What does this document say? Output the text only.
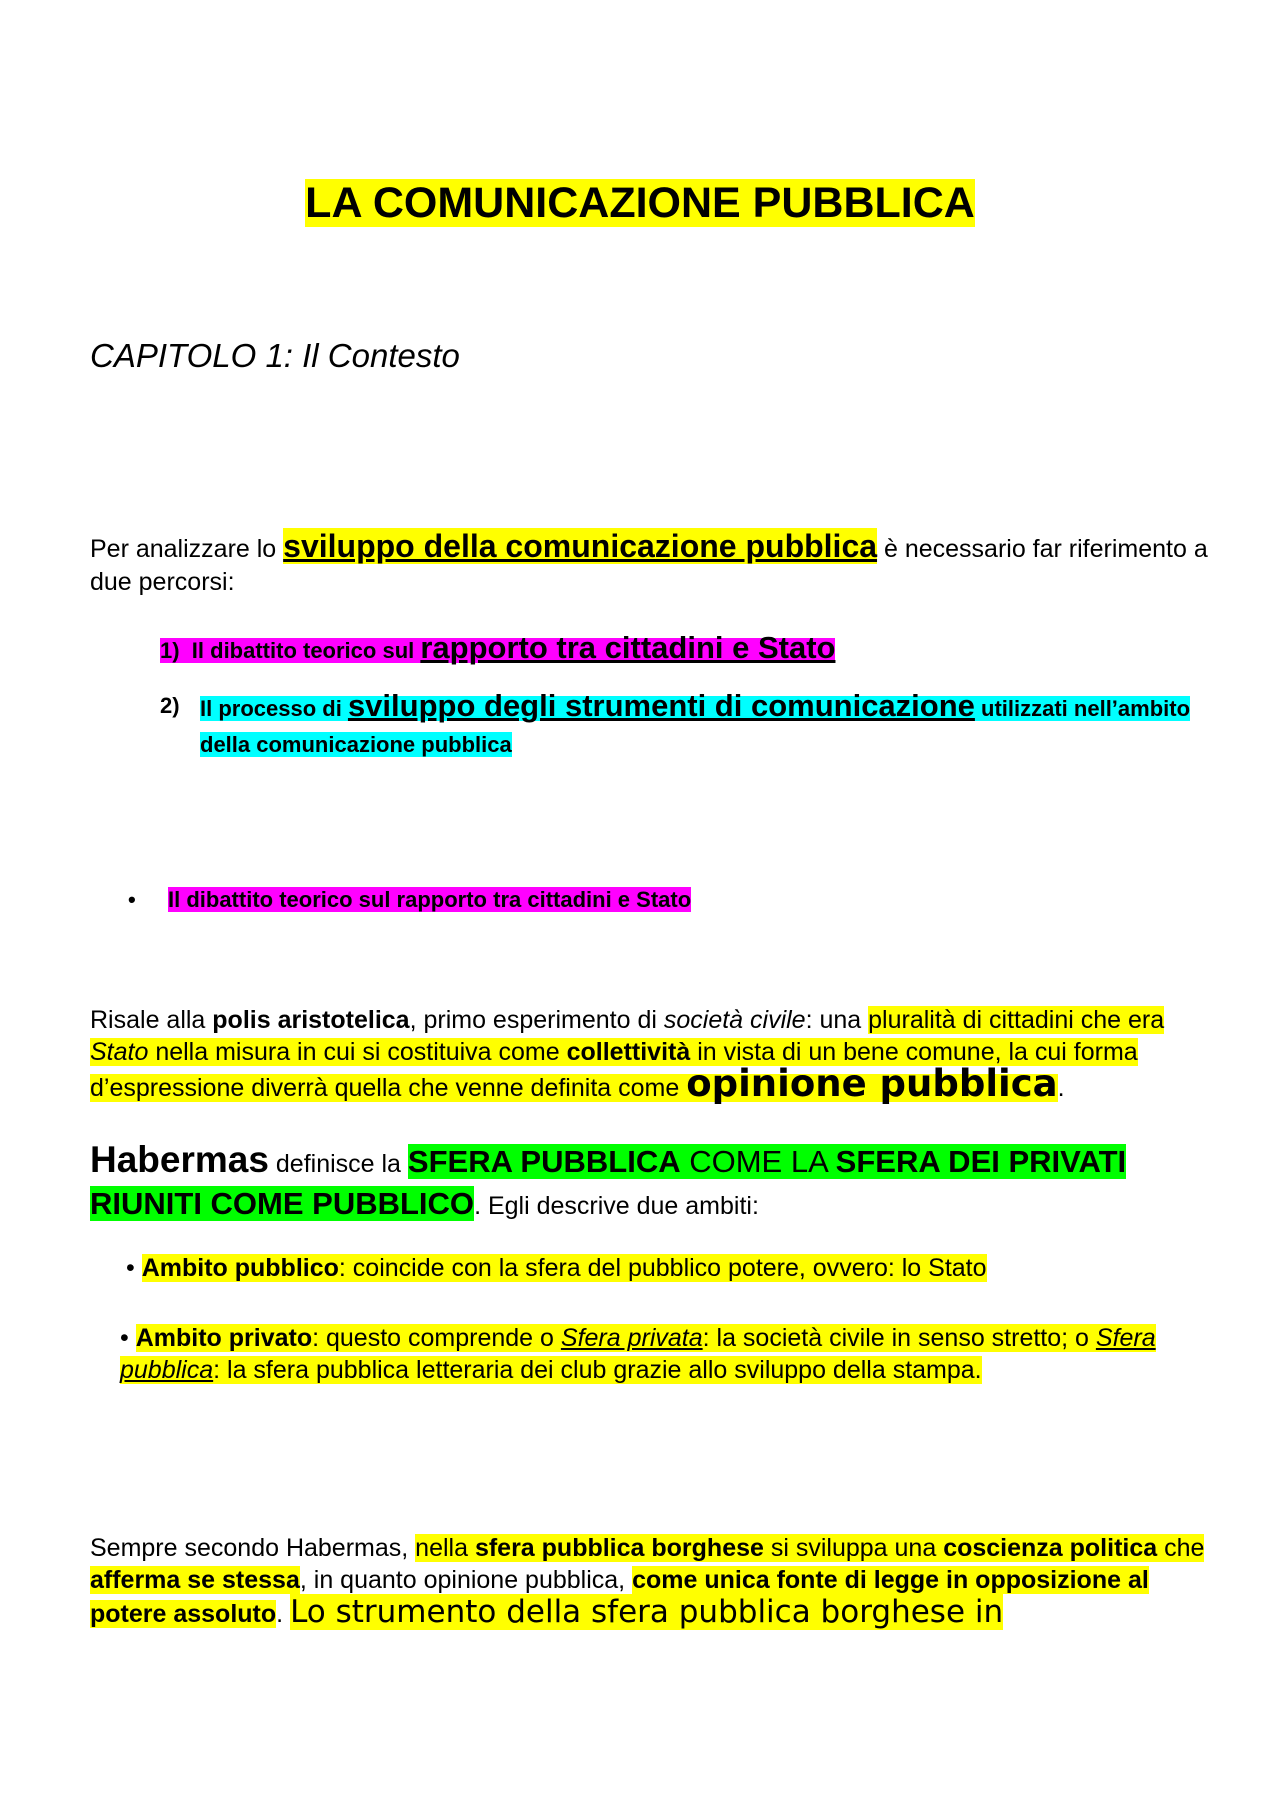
LA COMUNICAZIONE PUBBLICA
CAPITOLO 1: Il Contesto
Per analizzare lo sviluppo della comunicazione pubblica è necessario far riferimento a due percorsi:
1) Il dibattito teorico sul rapporto tra cittadini e Stato
2) Il processo di sviluppo degli strumenti di comunicazione utilizzati nell’ambito della comunicazione pubblica
• Il dibattito teorico sul rapporto tra cittadini e Stato
Risale alla polis aristotelica, primo esperimento di società civile: una pluralità di cittadini che era Stato nella misura in cui si costituiva come collettività in vista di un bene comune, la cui forma d’espressione diverrà quella che venne definita come opinione pubblica.
Habermas definisce la SFERA PUBBLICA COME LA SFERA DEI PRIVATI RIUNITI COME PUBBLICO. Egli descrive due ambiti:
• Ambito pubblico: coincide con la sfera del pubblico potere, ovvero: lo Stato
• Ambito privato: questo comprende o Sfera privata: la società civile in senso stretto; o Sfera pubblica: la sfera pubblica letteraria dei club grazie allo sviluppo della stampa.
Sempre secondo Habermas, nella sfera pubblica borghese si sviluppa una coscienza politica che afferma se stessa, in quanto opinione pubblica, come unica fonte di legge in opposizione al potere assoluto. Lo strumento della sfera pubblica borghese in
